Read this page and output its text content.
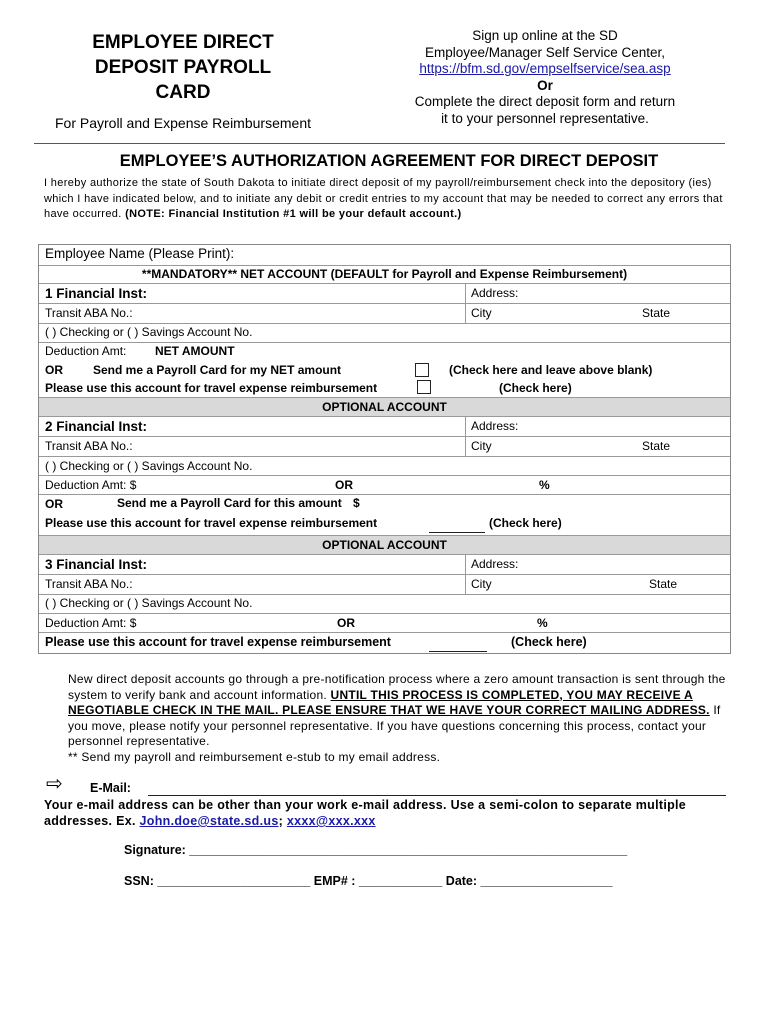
EMPLOYEE DIRECT
DEPOSIT PAYROLL
CARD
For Payroll and Expense Reimbursement
Sign up online at the SD
Employee/Manager Self Service Center,
https://bfm.sd.gov/empselfservice/sea.asp
Or
Complete the direct deposit form and return
it to your personnel representative.
EMPLOYEE’S AUTHORIZATION AGREEMENT FOR DIRECT DEPOSIT
I hereby authorize the state of South Dakota to initiate direct deposit of my payroll/reimbursement check into the depository (ies) which I have indicated below, and to initiate any debit or credit entries to my account that may be needed to correct any errors that have occurred. (NOTE: Financial Institution #1 will be your default account.)
Employee Name (Please Print):
**MANDATORY** NET ACCOUNT (DEFAULT for Payroll and Expense Reimbursement)
1 Financial Inst:	Address:
Transit ABA No.:	City	State
( ) Checking or ( ) Savings Account No.
Deduction Amt: NET AMOUNT
OR	Send me a Payroll Card for my NET amount	(Check here and leave above blank)
Please use this account for travel expense reimbursement	(Check here)
OPTIONAL ACCOUNT
2 Financial Inst:	Address:
Transit ABA No.:	City	State
( ) Checking or ( ) Savings Account No.
Deduction Amt: $	OR	%
OR	Send me a Payroll Card for this amount $
Please use this account for travel expense reimbursement	(Check here)
OPTIONAL ACCOUNT
3 Financial Inst:	Address:
Transit ABA No.:	City	State
( ) Checking or ( ) Savings Account No.
Deduction Amt: $	OR	%
Please use this account for travel expense reimbursement	(Check here)
New direct deposit accounts go through a pre-notification process where a zero amount transaction is sent through the system to verify bank and account information. UNTIL THIS PROCESS IS COMPLETED, YOU MAY RECEIVE A NEGOTIABLE CHECK IN THE MAIL. PLEASE ENSURE THAT WE HAVE YOUR CORRECT MAILING ADDRESS. If you move, please notify your personnel representative. If you have questions concerning this process, contact your personnel representative.
** Send my payroll and reimbursement e-stub to my email address.
⇨ E-Mail:
Your e-mail address can be other than your work e-mail address. Use a semi-colon to separate multiple addresses. Ex. John.doe@state.sd.us; xxxx@xxx.xxx
Signature: _______________________________________________________________
SSN: ______________________ EMP# : ____________ Date: ___________________
